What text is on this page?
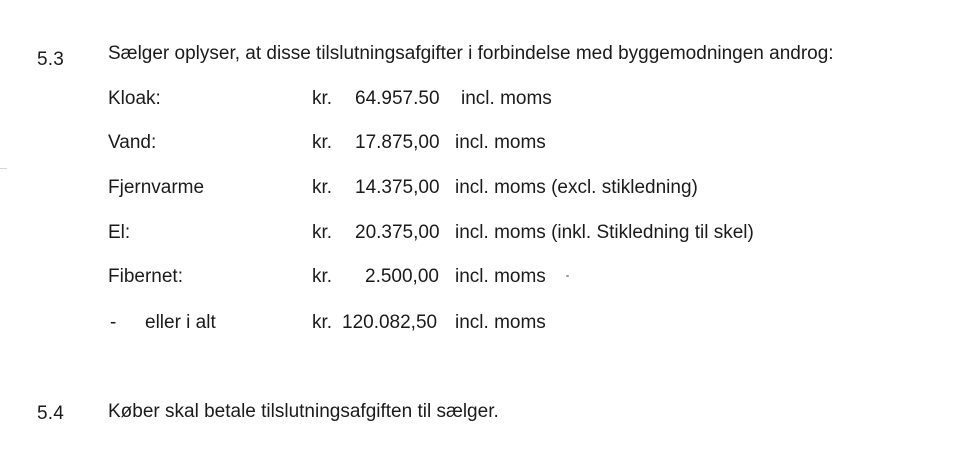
5.3 Sælger oplyser, at disse tilslutningsafgifter i forbindelse med byggemodningen androg:
Kloak:	kr. 64.957.50 incl. moms
Vand:	kr. 17.875,00 incl. moms
Fjernvarme	kr. 14.375,00 incl. moms (excl. stikledning)
El:	kr. 20.375,00 incl. moms (inkl. Stikledning til skel)
Fibernet:	kr. 2.500,00 incl. moms
- eller i alt	kr. 120.082,50 incl. moms
5.4 Køber skal betale tilslutningsafgiften til sælger.
